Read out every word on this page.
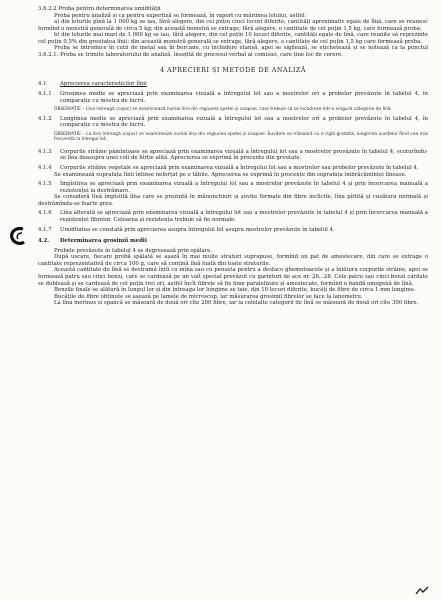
3.6.2.2 Proba pentru determinarea umidității

Proba pentru analiză și ca pentru expertiză se formează, în raport cu mărimea lotului, astfel:

a) din loturile pînă la 1 000 kg se iau, fără alegere, din cel puțin cinci locuri diferite, cantități aproximativ egale de lînă, care se reunesc formînd o monstră generală de circa 5 kg; din această monstră se extrage, fără alegere, o cantitate de cel puțin 1,5 kg, care formează proba;

b) din loturile mai mari de 1 000 kg se iau, fără alegere, din cel puțin 10 locuri diferite, cantități egale de lînă, care reunite să reprezinte cel puțin 0,5% din greutatea lînii; din această monstră generală se extrage, fără alegere, o cantitate de cel puțin 1,5 kg care formează proba.

Proba se introduce în cutii de metal sau în borcane, cu închidere etanșă, apoi se sigilează, se etichetează și se notează ca la punctul 3.6.2.1. Proba se trimite laboratorului de analiză, însoțită de procesul-verbal al comisiei, care ține loc de cerere.

4 APRECIERI ȘI METODE DE ANALIZĂ
4.1	Aprecierea caracteristicilor lînii
4.1.1	Grosimea medie se apreciază prin examinarea vizuală a întregului lot sau a mostrelor ori a probelor prevăzute în tabelul 4, în comparație cu mostra de lucru.

OBSERVAȚIE – Lîna întreagă (cojoc) se examinează numai lîna din regiunea spetei și coapsei, care trebuie să se încadreze într-o singură categorie de lînă.

4.1.2	Lungimea medie se apreciază prin examinarea vizuală a întregului lot sau a mostrelor ori a probelor prevăzute în tabelul 4, în comparație cu mostra de lucru.

OBSERVAȚIE – La lîna întreagă (cojoc) se examinează numai lîna din regiunea spetei și coapsei. Șuvițele se măsoară cu o riglă gradată, lungimea șuvițelor fiind cea mai frecventă la întregul lot.

4.1.3	Corpurile străine pămîntoase se apreciază prin examinarea vizuală a întregului lot sau a mostrelor prevăzute în tabelul 4, scuturîndu-se lîna deasupra unei coli de hîrtie albă. Aprecierea se exprimă în procente din greutate.
4.1.4	Corpurile străine vegetale se apreciază prin examinarea vizuală a întregului lot sau a mostrelor sau probelor prevăzute în tabelul 4.

Se examinează suprafața lînii întinse neforțat pe o tăblie. Aprecierea se exprimă în procente din suprafața îmbrăcămintei lînoase.

4.1.5	Împîslirea se apreciază prin examinarea vizuală a întregului lot sau a mostrelor prevăzute în tabelul 4 și prin încercarea manuală a rezistenței la destrămare.

Se consideră lînă împîslită lîna care se prezintă în mănunchiuri și șuvițe formate din fibre încîlcite, lîna pîrlită și cusătura normală și destrămînda-se foarte greu.

4.1.6	Lîna alterată se apreciază prin examinarea vizuală a întregului lot sau a mostrelor prevăzute în tabelul 4 și prin încercarea manuală a rezistenței fibrelor. Culoarea și rezistența trebuie să fie normale.
4.1.7	Umiditatea se constată prin aprecierea asupra întregului lot asupra mostrelor prevăzute în tabelul 4.
4.2.	Determinarea grosimii medii

Probele prevăzute în tabelul 4 se degresează prin spălare.

După uscare, fiecare probă spălată se așază în mai multe straturi suprapuse, formînd un pat de amestecare, din care se extrage o cantitate reprezentativă de circa 100 g, care să conțină lînă luată din toate straturile.

Această cantitate de lînă se destramă întîi cu mîna sau cu penseta pentru a desface ghemotoacele și a înlătura corpurile străine, apoi se formează patru sau cinci benzi, care se cardează pe un vaît special prevăzut cu garnituri de ace nr. 26...28. Cele patru sau cinci benzi cardate se dublează și se cardează de cel puțin trei ori, astfel încît fibrele să fie bine paralelizate și amestecate, formînd o bandă omogenă de lînă.

Benzile finale se alătură în lungul lor și din întreaga lor lungime se taie, din 10 locuri diferite, bucăți de fibre de circa 1 mm lungime.

Bucățile de fibre obținute se așează pe lamele de microscop, iar măsurarea grosimii fibrelor se face la lanometru.

La lîna merinos și spancă se măsoară de două ori cîte 200 fibre, iar la celelalte categorii de lînă se măsoară de două ori cîte 300 fibre.
